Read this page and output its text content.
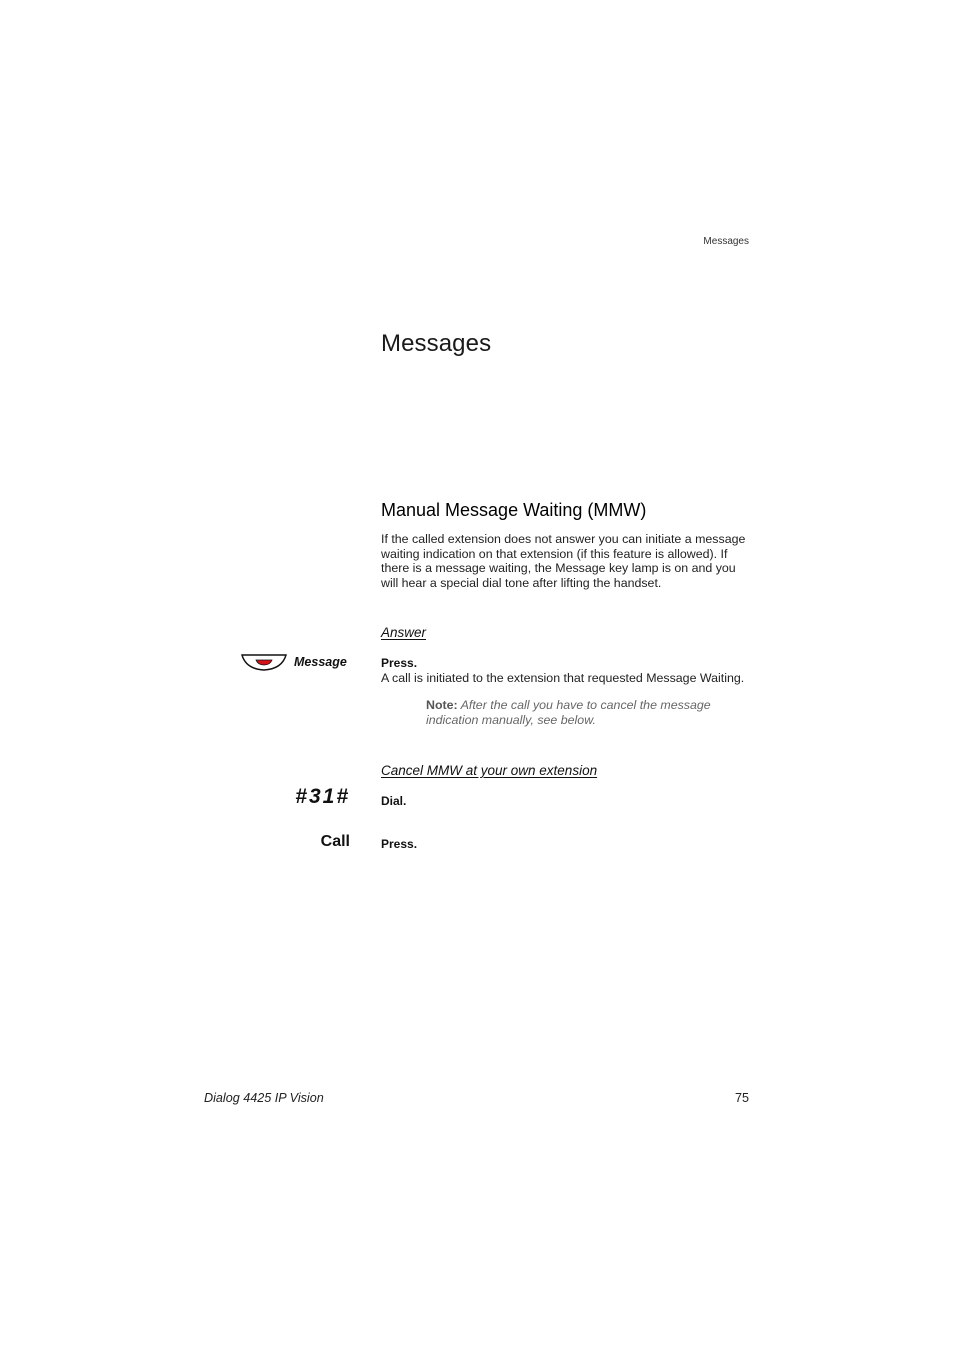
Messages
Messages
Manual Message Waiting (MMW)
If the called extension does not answer you can initiate a message waiting indication on that extension (if this feature is allowed). If there is a message waiting, the Message key lamp is on and you will hear a special dial tone after lifting the handset.
Answer
Message	Press.
A call is initiated to the extension that requested Message Waiting.
Note: After the call you have to cancel the message indication manually, see below.
Cancel MMW at your own extension
#31#	Dial.
Call	Press.
Dialog 4425 IP Vision	75
